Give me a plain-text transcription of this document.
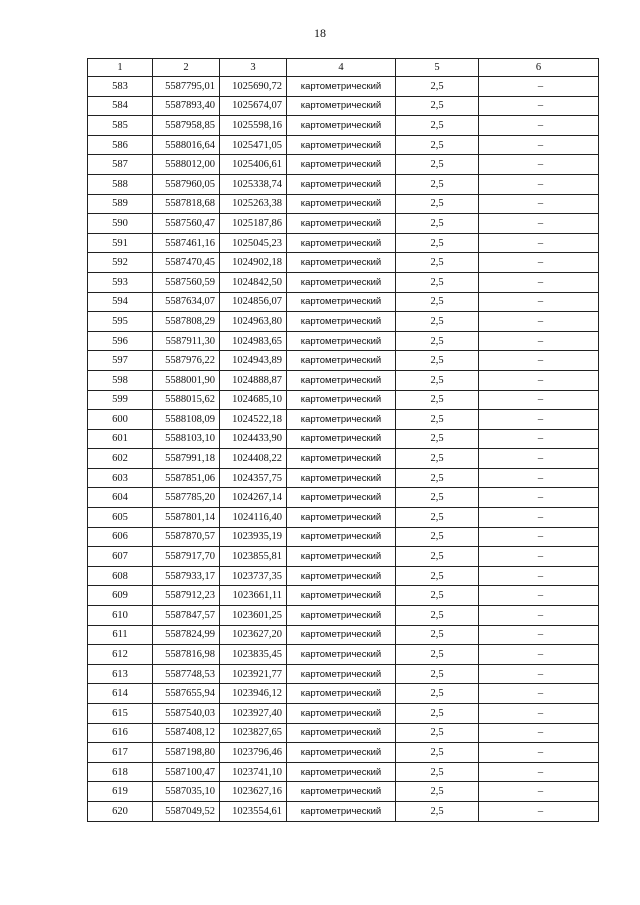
18
1	2	3	4	5	6
583	5587795,01	1025690,72	картометрический	2,5	–
584	5587893,40	1025674,07	картометрический	2,5	–
585	5587958,85	1025598,16	картометрический	2,5	–
586	5588016,64	1025471,05	картометрический	2,5	–
587	5588012,00	1025406,61	картометрический	2,5	–
588	5587960,05	1025338,74	картометрический	2,5	–
589	5587818,68	1025263,38	картометрический	2,5	–
590	5587560,47	1025187,86	картометрический	2,5	–
591	5587461,16	1025045,23	картометрический	2,5	–
592	5587470,45	1024902,18	картометрический	2,5	–
593	5587560,59	1024842,50	картометрический	2,5	–
594	5587634,07	1024856,07	картометрический	2,5	–
595	5587808,29	1024963,80	картометрический	2,5	–
596	5587911,30	1024983,65	картометрический	2,5	–
597	5587976,22	1024943,89	картометрический	2,5	–
598	5588001,90	1024888,87	картометрический	2,5	–
599	5588015,62	1024685,10	картометрический	2,5	–
600	5588108,09	1024522,18	картометрический	2,5	–
601	5588103,10	1024433,90	картометрический	2,5	–
602	5587991,18	1024408,22	картометрический	2,5	–
603	5587851,06	1024357,75	картометрический	2,5	–
604	5587785,20	1024267,14	картометрический	2,5	–
605	5587801,14	1024116,40	картометрический	2,5	–
606	5587870,57	1023935,19	картометрический	2,5	–
607	5587917,70	1023855,81	картометрический	2,5	–
608	5587933,17	1023737,35	картометрический	2,5	–
609	5587912,23	1023661,11	картометрический	2,5	–
610	5587847,57	1023601,25	картометрический	2,5	–
611	5587824,99	1023627,20	картометрический	2,5	–
612	5587816,98	1023835,45	картометрический	2,5	–
613	5587748,53	1023921,77	картометрический	2,5	–
614	5587655,94	1023946,12	картометрический	2,5	–
615	5587540,03	1023927,40	картометрический	2,5	–
616	5587408,12	1023827,65	картометрический	2,5	–
617	5587198,80	1023796,46	картометрический	2,5	–
618	5587100,47	1023741,10	картометрический	2,5	–
619	5587035,10	1023627,16	картометрический	2,5	–
620	5587049,52	1023554,61	картометрический	2,5	–
